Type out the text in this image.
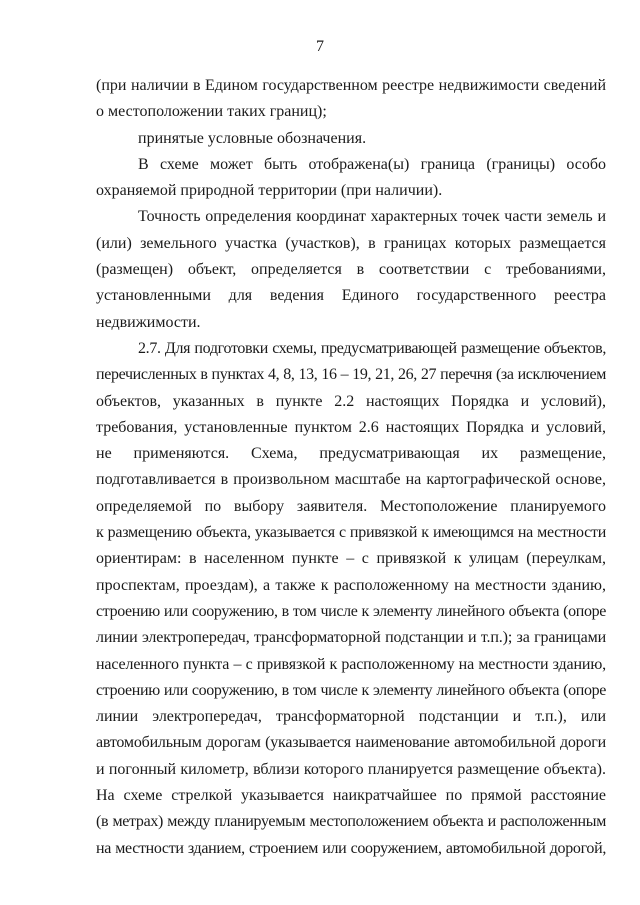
7
(при наличии в Едином государственном реестре недвижимости сведений
о местоположении таких границ);
принятые условные обозначения.
В схеме может быть отображена(ы) граница (границы) особо
охраняемой природной территории (при наличии).
Точность определения координат характерных точек части земель и
(или) земельного участка (участков), в границах которых размещается
(размещен) объект, определяется в соответствии с требованиями,
установленными для ведения Единого государственного реестра
недвижимости.
2.7. Для подготовки схемы, предусматривающей размещение объектов,
перечисленных в пунктах 4, 8, 13, 16 – 19, 21, 26, 27 перечня (за исключением
объектов, указанных в пункте 2.2 настоящих Порядка и условий),
требования, установленные пунктом 2.6 настоящих Порядка и условий,
не применяются. Схема, предусматривающая их размещение,
подготавливается в произвольном масштабе на картографической основе,
определяемой по выбору заявителя. Местоположение планируемого
к размещению объекта, указывается с привязкой к имеющимся на местности
ориентирам: в населенном пункте – с привязкой к улицам (переулкам,
проспектам, проездам), а также к расположенному на местности зданию,
строению или сооружению, в том числе к элементу линейного объекта (опоре
линии электропередач, трансформаторной подстанции и т.п.); за границами
населенного пункта – с привязкой к расположенному на местности зданию,
строению или сооружению, в том числе к элементу линейного объекта (опоре
линии электропередач, трансформаторной подстанции и т.п.), или
автомобильным дорогам (указывается наименование автомобильной дороги
и погонный километр, вблизи которого планируется размещение объекта).
На схеме стрелкой указывается наикратчайшее по прямой расстояние
(в метрах) между планируемым местоположением объекта и расположенным
на местности зданием, строением или сооружением, автомобильной дорогой,
